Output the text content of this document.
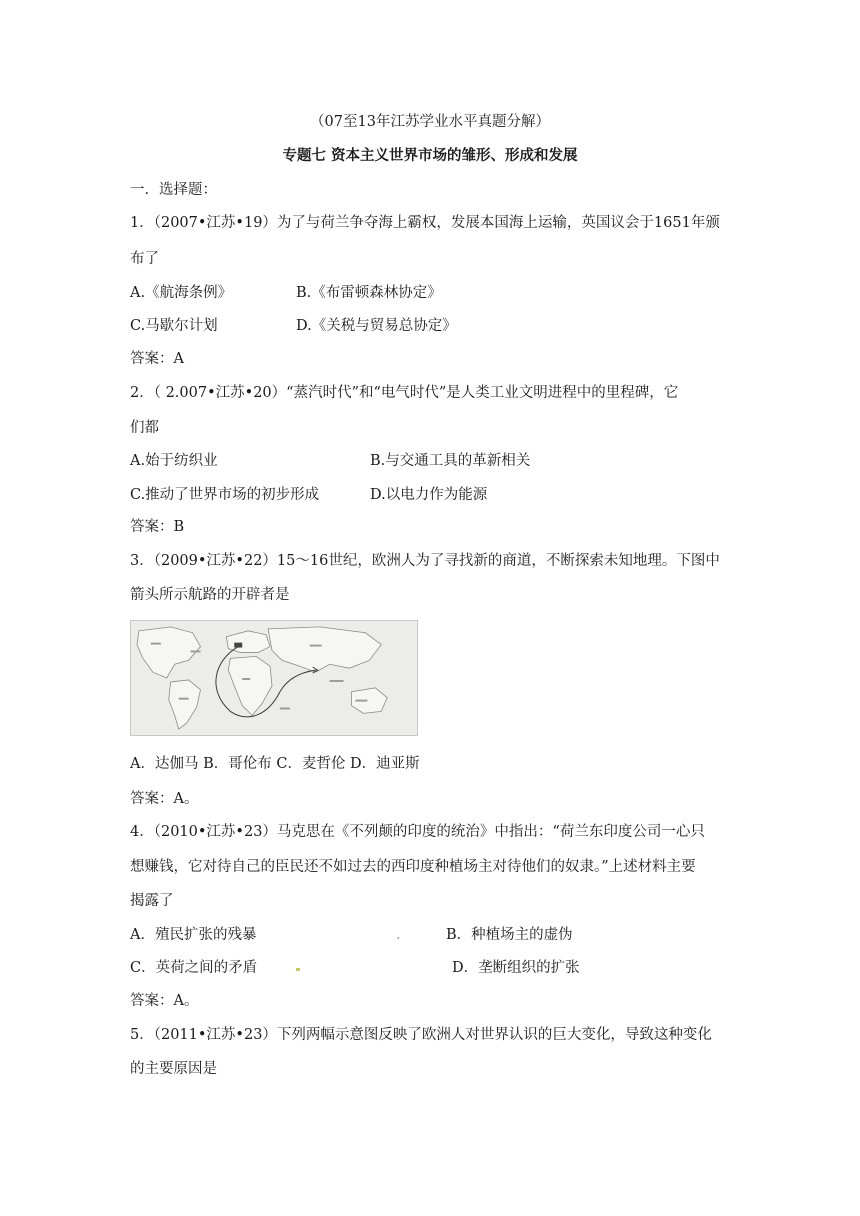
（07至13年江苏学业水平真题分解）
专题七 资本主义世界市场的雏形、形成和发展
一．选择题：
1．（2007•江苏•19）为了与荷兰争夺海上霸权，发展本国海上运输，英国议会于1651年颁
布了
A.《航海条例》	B.《布雷顿森林协定》
C.马歇尔计划	D.《关税与贸易总协定》
答案：A
2．（ 2.007•江苏•20）“蒸汽时代”和“电气时代”是人类工业文明进程中的里程碑，它
们都
A.始于纺织业	B.与交通工具的革新相关
C.推动了世界市场的初步形成	D.以电力作为能源
答案：B
3．（2009•江苏•22）15～16世纪，欧洲人为了寻找新的商道，不断探索未知地理。下图中
箭头所示航路的开辟者是
A．达伽马 B．哥伦布 C．麦哲伦 D．迪亚斯
答案：A。
4．（2010•江苏•23）马克思在《不列颠的印度的统治》中指出：“荷兰东印度公司一心只
想赚钱，它对待自己的臣民还不如过去的西印度种植场主对待他们的奴隶。”上述材料主要
揭露了
A．殖民扩张的残暴	.	B．种植场主的虚伪
C．英荷之间的矛盾	D．垄断组织的扩张
答案：A。
5．（2011•江苏•23）下列两幅示意图反映了欧洲人对世界认识的巨大变化，导致这种变化
的主要原因是
